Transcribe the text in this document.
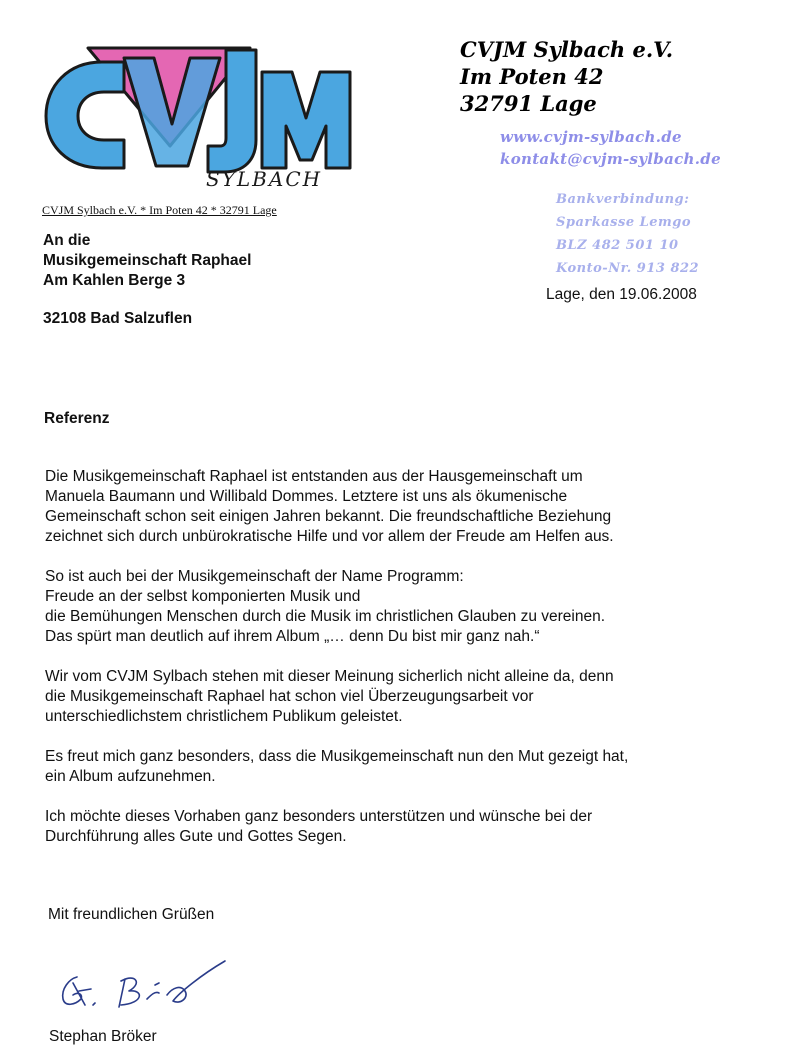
SYLBACH
CVJM Sylbach e.V.
Im Poten 42
32791 Lage
www.cvjm-sylbach.de
kontakt@cvjm-sylbach.de
Bankverbindung:
Sparkasse Lemgo
BLZ 482 501 10
Konto-Nr. 913 822
CVJM Sylbach e.V. * Im Poten 42 * 32791 Lage
An die
Musikgemeinschaft Raphael
Am Kahlen Berge 3
32108 Bad Salzuflen
Lage, den 19.06.2008
Referenz

Die Musikgemeinschaft Raphael ist entstanden aus der Hausgemeinschaft um
Manuela Baumann und Willibald Dommes. Letztere ist uns als ökumenische
Gemeinschaft schon seit einigen Jahren bekannt. Die freundschaftliche Beziehung
zeichnet sich durch unbürokratische Hilfe und vor allem der Freude am Helfen aus.

So ist auch bei der Musikgemeinschaft der Name Programm:
Freude an der selbst komponierten Musik und
die Bemühungen Menschen durch die Musik im christlichen Glauben zu vereinen.
Das spürt man deutlich auf ihrem Album „… denn Du bist mir ganz nah.“

Wir vom CVJM Sylbach stehen mit dieser Meinung sicherlich nicht alleine da, denn
die Musikgemeinschaft Raphael hat schon viel Überzeugungsarbeit vor
unterschiedlichstem christlichem Publikum geleistet.

Es freut mich ganz besonders, dass die Musikgemeinschaft nun den Mut gezeigt hat,
ein Album aufzunehmen.

Ich möchte dieses Vorhaben ganz besonders unterstützen und wünsche bei der
Durchführung alles Gute und Gottes Segen.

Mit freundlichen Grüßen
Stephan Bröker
